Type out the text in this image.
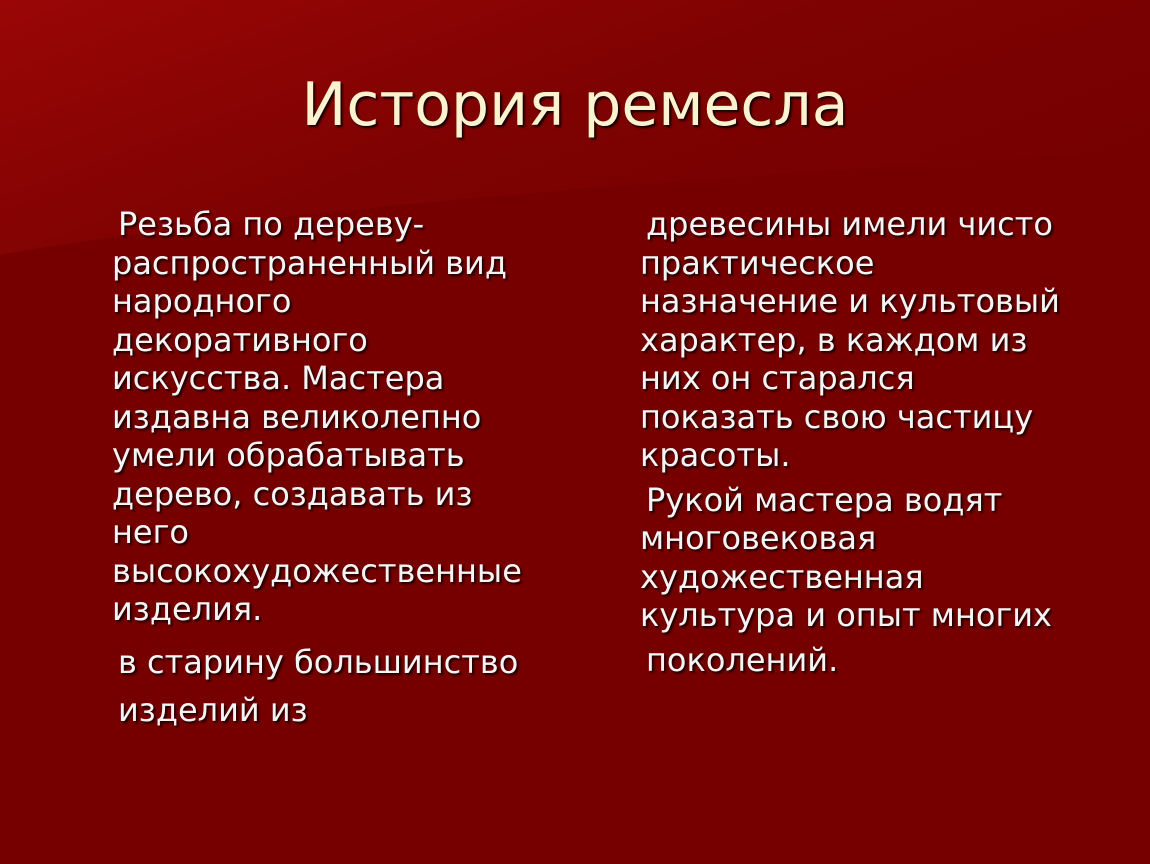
История ремесла

Резьба по дереву-
распространенный вид
народного
декоративного
искусства. Мастера
издавна великолепно
умели обрабатывать
дерево, создавать из
него
высокохудожественные
изделия.

в старину большинство
изделий из

древесины имели чисто
практическое
назначение и культовый
характер, в каждом из
них он старался
показать свою частицу
красоты.

Рукой мастера водят
многовековая
художественная
культура и опыт многих
поколений.
